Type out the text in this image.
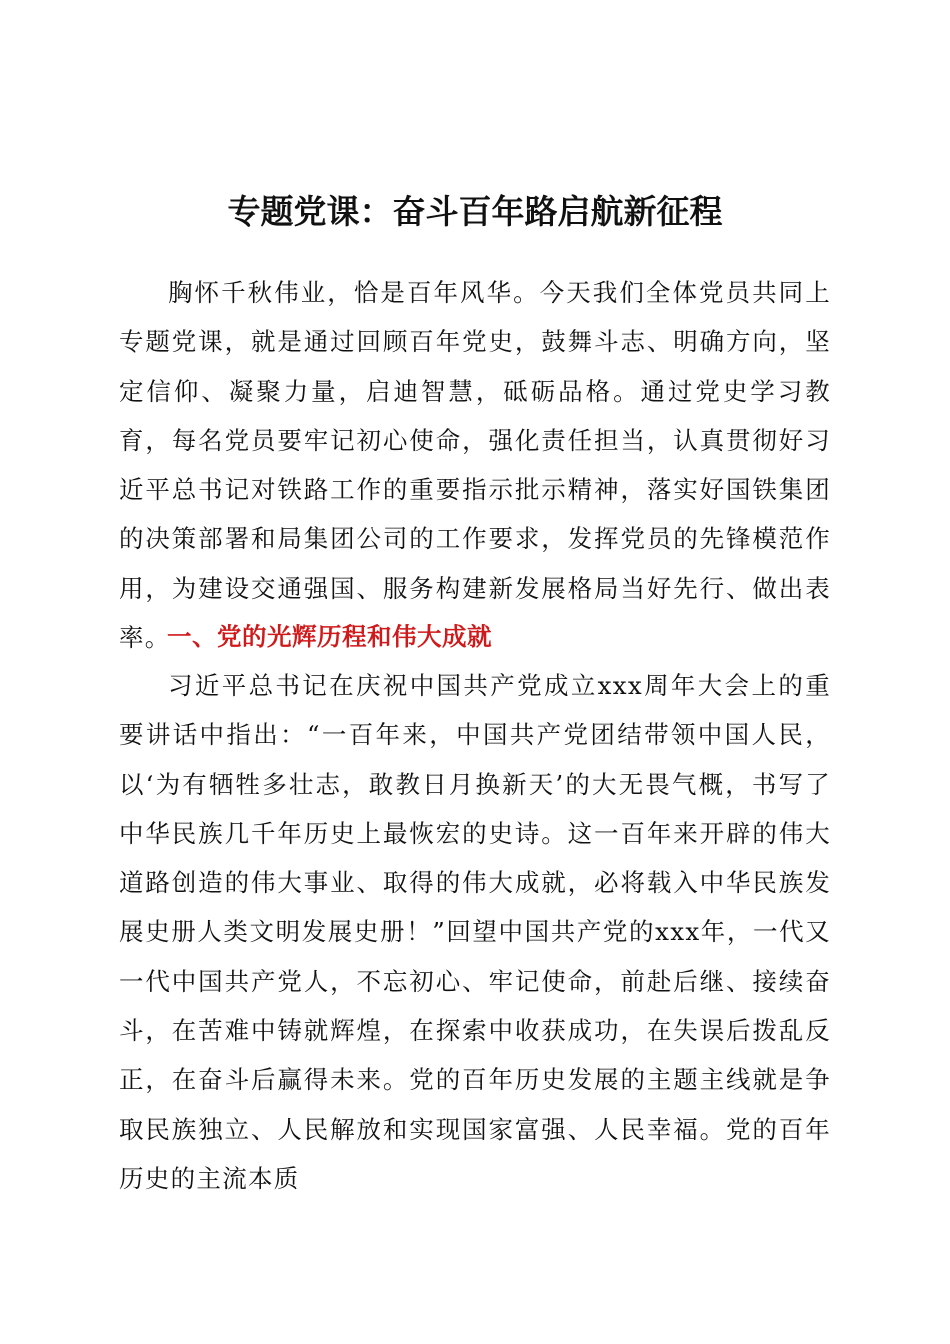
专题党课：奋斗百年路启航新征程

胸怀千秋伟业，恰是百年风华。今天我们全体党员共同上专题党课，就是通过回顾百年党史，鼓舞斗志、明确方向，坚定信仰、凝聚力量，启迪智慧，砥砺品格。通过党史学习教育，每名党员要牢记初心使命，强化责任担当，认真贯彻好习近平总书记对铁路工作的重要指示批示精神，落实好国铁集团的决策部署和局集团公司的工作要求，发挥党员的先锋模范作用，为建设交通强国、服务构建新发展格局当好先行、做出表率。

一、党的光辉历程和伟大成就

习近平总书记在庆祝中国共产党成立xxx周年大会上的重要讲话中指出：“一百年来，中国共产党团结带领中国人民，以‘为有牺牲多壮志，敢教日月换新天’的大无畏气概，书写了中华民族几千年历史上最恢宏的史诗。这一百年来开辟的伟大道路创造的伟大事业、取得的伟大成就，必将载入中华民族发展史册人类文明发展史册！”回望中国共产党的xxx年，一代又一代中国共产党人，不忘初心、牢记使命，前赴后继、接续奋斗，在苦难中铸就辉煌，在探索中收获成功，在失误后拨乱反正，在奋斗后赢得未来。党的百年历史发展的主题主线就是争取民族独立、人民解放和实现国家富强、人民幸福。党的百年历史的主流本质
